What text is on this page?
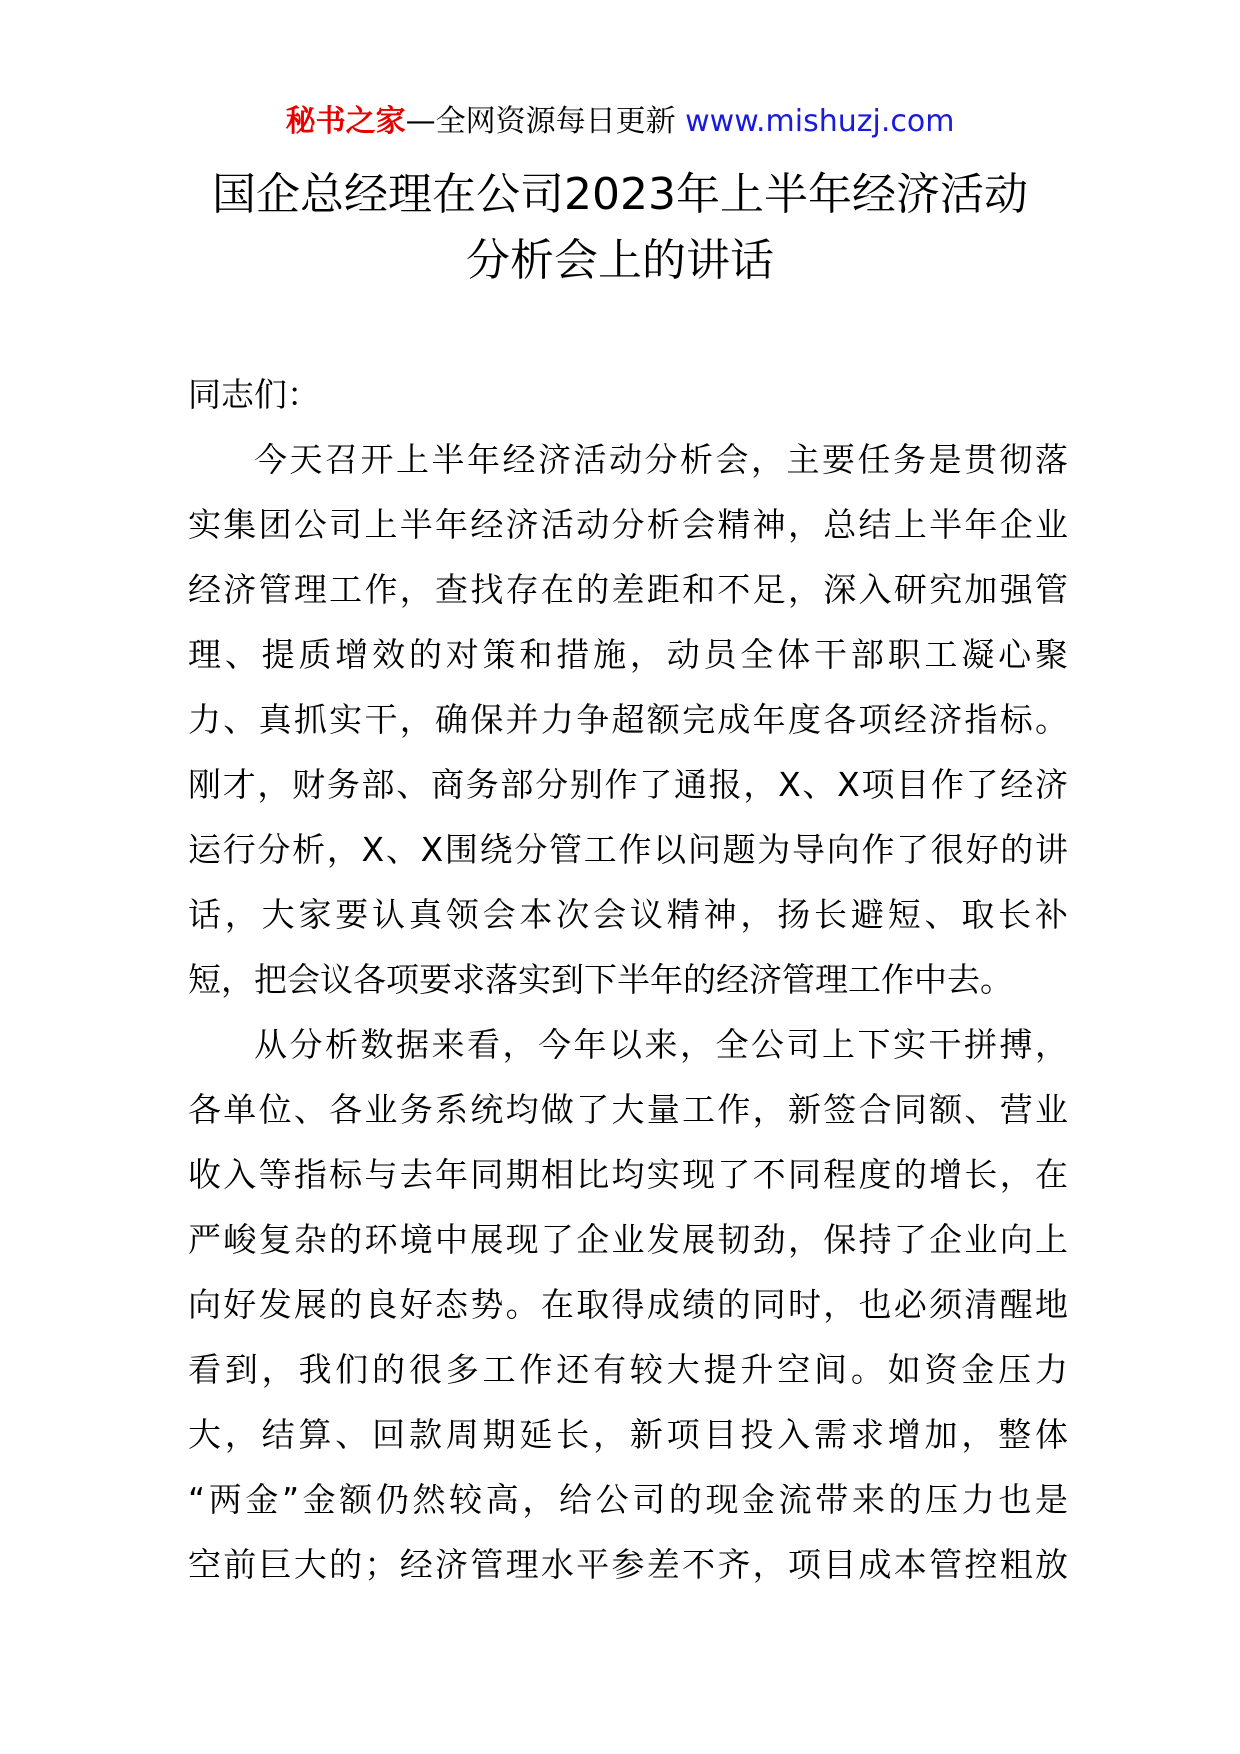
秘书之家—全网资源每日更新 www.mishuzj.com
国企总经理在公司2023年上半年经济活动
分析会上的讲话
同志们：
今天召开上半年经济活动分析会，主要任务是贯彻落
实集团公司上半年经济活动分析会精神，总结上半年企业
经济管理工作，查找存在的差距和不足，深入研究加强管
理、提质增效的对策和措施，动员全体干部职工凝心聚
力、真抓实干，确保并力争超额完成年度各项经济指标。
刚才，财务部、商务部分别作了通报，X、X项目作了经济
运行分析，X、X围绕分管工作以问题为导向作了很好的讲
话，大家要认真领会本次会议精神，扬长避短、取长补
短，把会议各项要求落实到下半年的经济管理工作中去。
从分析数据来看，今年以来，全公司上下实干拼搏，
各单位、各业务系统均做了大量工作，新签合同额、营业
收入等指标与去年同期相比均实现了不同程度的增长，在
严峻复杂的环境中展现了企业发展韧劲，保持了企业向上
向好发展的良好态势。在取得成绩的同时，也必须清醒地
看到，我们的很多工作还有较大提升空间。如资金压力
大，结算、回款周期延长，新项目投入需求增加，整体
“两金”金额仍然较高，给公司的现金流带来的压力也是
空前巨大的；经济管理水平参差不齐，项目成本管控粗放
